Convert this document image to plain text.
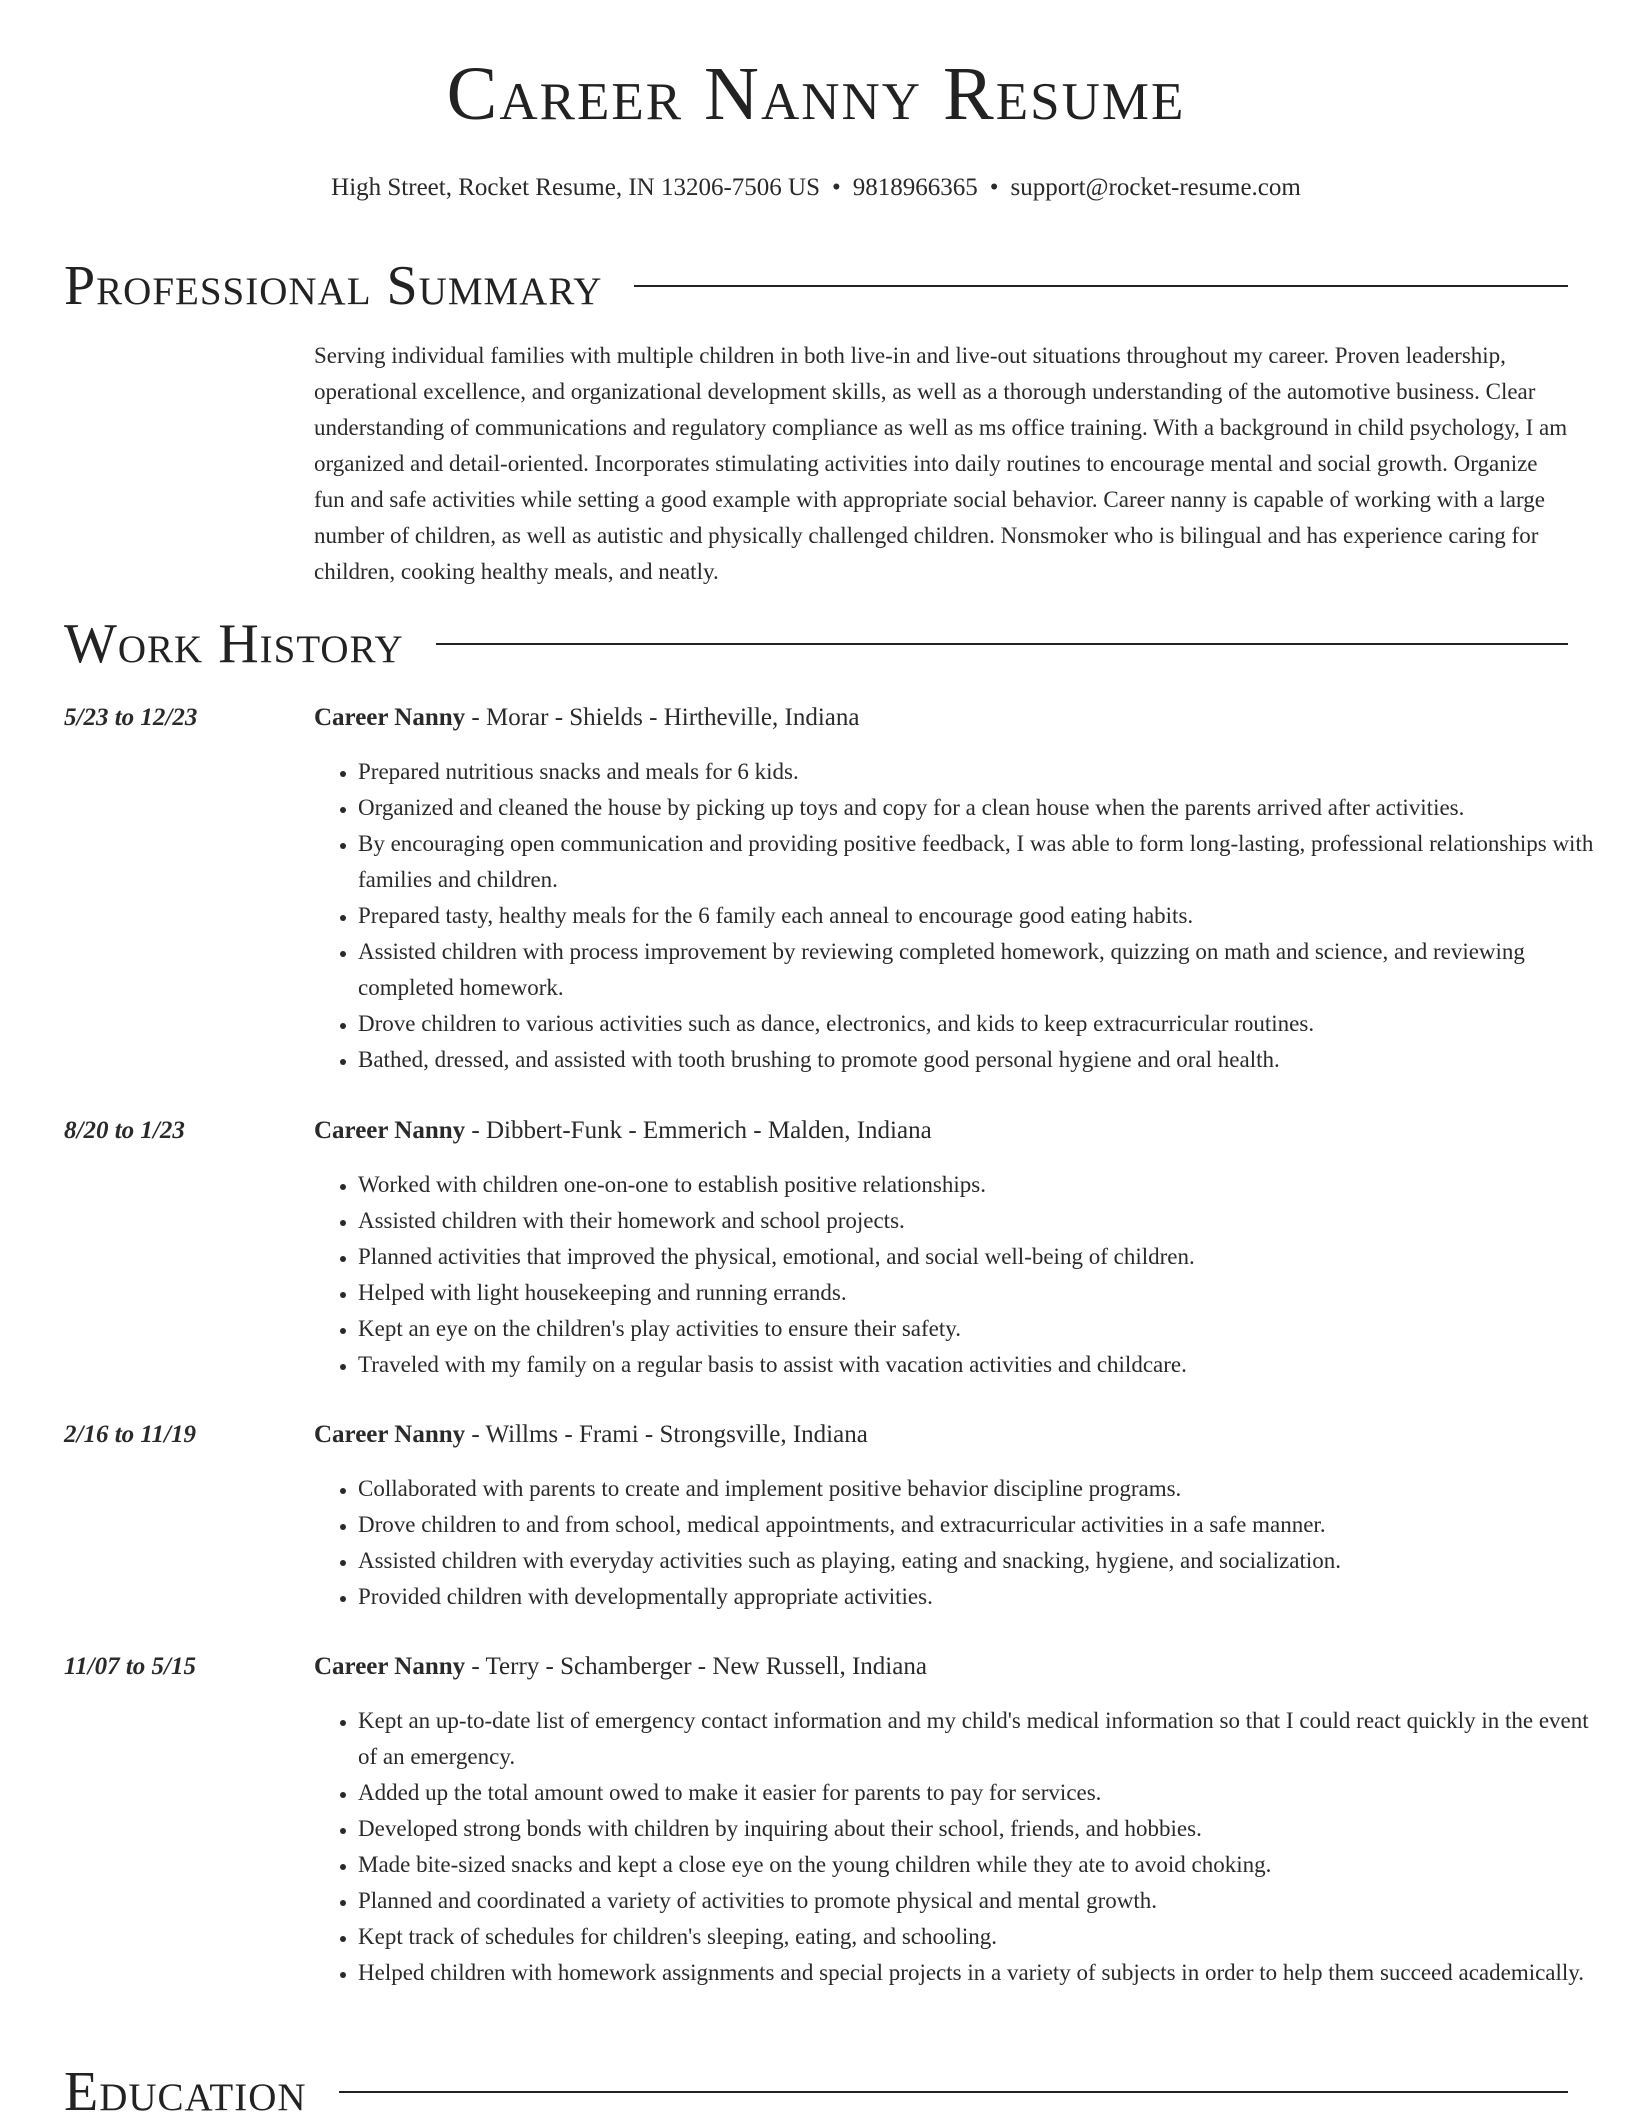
Career Nanny Resume
High Street, Rocket Resume, IN 13206-7506 US • 9818966365 • support@rocket-resume.com
Professional Summary

Serving individual families with multiple children in both live-in and live-out situations throughout my career. Proven leadership, operational excellence, and organizational development skills, as well as a thorough understanding of the automotive business. Clear understanding of communications and regulatory compliance as well as ms office training. With a background in child psychology, I am organized and detail-oriented. Incorporates stimulating activities into daily routines to encourage mental and social growth. Organize fun and safe activities while setting a good example with appropriate social behavior. Career nanny is capable of working with a large number of children, as well as autistic and physically challenged children. Nonsmoker who is bilingual and has experience caring for children, cooking healthy meals, and neatly.

Work History
5/23 to 12/23	Career Nanny - Morar - Shields - Hirtheville, Indiana
• Prepared nutritious snacks and meals for 6 kids.
• Organized and cleaned the house by picking up toys and copy for a clean house when the parents arrived after activities.
• By encouraging open communication and providing positive feedback, I was able to form long-lasting, professional relationships with families and children.
• Prepared tasty, healthy meals for the 6 family each anneal to encourage good eating habits.
• Assisted children with process improvement by reviewing completed homework, quizzing on math and science, and reviewing completed homework.
• Drove children to various activities such as dance, electronics, and kids to keep extracurricular routines.
• Bathed, dressed, and assisted with tooth brushing to promote good personal hygiene and oral health.
8/20 to 1/23	Career Nanny - Dibbert-Funk - Emmerich - Malden, Indiana
• Worked with children one-on-one to establish positive relationships.
• Assisted children with their homework and school projects.
• Planned activities that improved the physical, emotional, and social well-being of children.
• Helped with light housekeeping and running errands.
• Kept an eye on the children's play activities to ensure their safety.
• Traveled with my family on a regular basis to assist with vacation activities and childcare.
2/16 to 11/19	Career Nanny - Willms - Frami - Strongsville, Indiana
• Collaborated with parents to create and implement positive behavior discipline programs.
• Drove children to and from school, medical appointments, and extracurricular activities in a safe manner.
• Assisted children with everyday activities such as playing, eating and snacking, hygiene, and socialization.
• Provided children with developmentally appropriate activities.
11/07 to 5/15	Career Nanny - Terry - Schamberger - New Russell, Indiana
• Kept an up-to-date list of emergency contact information and my child's medical information so that I could react quickly in the event of an emergency.
• Added up the total amount owed to make it easier for parents to pay for services.
• Developed strong bonds with children by inquiring about their school, friends, and hobbies.
• Made bite-sized snacks and kept a close eye on the young children while they ate to avoid choking.
• Planned and coordinated a variety of activities to promote physical and mental growth.
• Kept track of schedules for children's sleeping, eating, and schooling.
• Helped children with homework assignments and special projects in a variety of subjects in order to help them succeed academically.
Education
